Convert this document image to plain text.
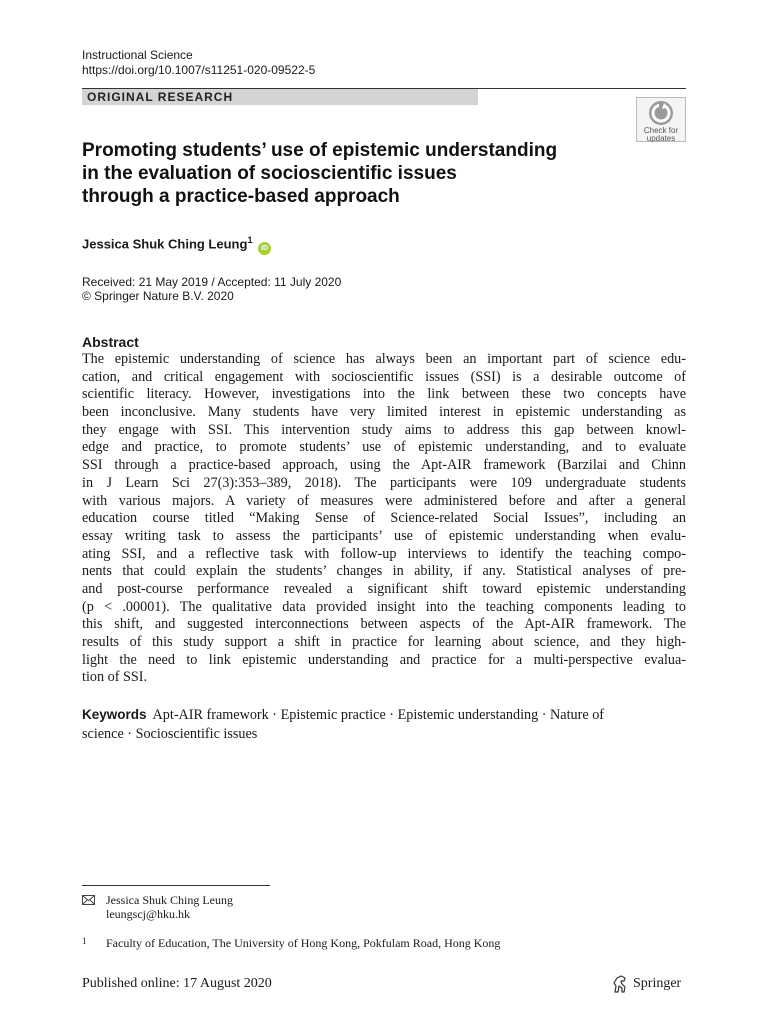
Instructional Science
https://doi.org/10.1007/s11251-020-09522-5
ORIGINAL RESEARCH
Check for
updates
Promoting students’ use of epistemic understanding
in the evaluation of socioscientific issues
through a practice-based approach
Jessica Shuk Ching Leung$^1$ iD
Received: 21 May 2019 / Accepted: 11 July 2020
© Springer Nature B.V. 2020
Abstract
The epistemic understanding of science has always been an important part of science edu-
cation, and critical engagement with socioscientific issues (SSI) is a desirable outcome of
scientific literacy. However, investigations into the link between these two concepts have
been inconclusive. Many students have very limited interest in epistemic understanding as
they engage with SSI. This intervention study aims to address this gap between knowl-
edge and practice, to promote students’ use of epistemic understanding, and to evaluate
SSI through a practice-based approach, using the Apt-AIR framework (Barzilai and Chinn
in J Learn Sci 27(3):353–389, 2018). The participants were 109 undergraduate students
with various majors. A variety of measures were administered before and after a general
education course titled “Making Sense of Science-related Social Issues”, including an
essay writing task to assess the participants’ use of epistemic understanding when evalu-
ating SSI, and a reflective task with follow-up interviews to identify the teaching compo-
nents that could explain the students’ changes in ability, if any. Statistical analyses of pre-
and post-course performance revealed a significant shift toward epistemic understanding
(p < .00001). The qualitative data provided insight into the teaching components leading to
this shift, and suggested interconnections between aspects of the Apt-AIR framework. The
results of this study support a shift in practice for learning about science, and they high-
light the need to link epistemic understanding and practice for a multi-perspective evalua-
tion of SSI.
Keywords Apt-AIR framework · Epistemic practice · Epistemic understanding · Nature of
science · Socioscientific issues
Jessica Shuk Ching Leung
leungscj@hku.hk
1 Faculty of Education, The University of Hong Kong, Pokfulam Road, Hong Kong
Published online: 17 August 2020	Springer
